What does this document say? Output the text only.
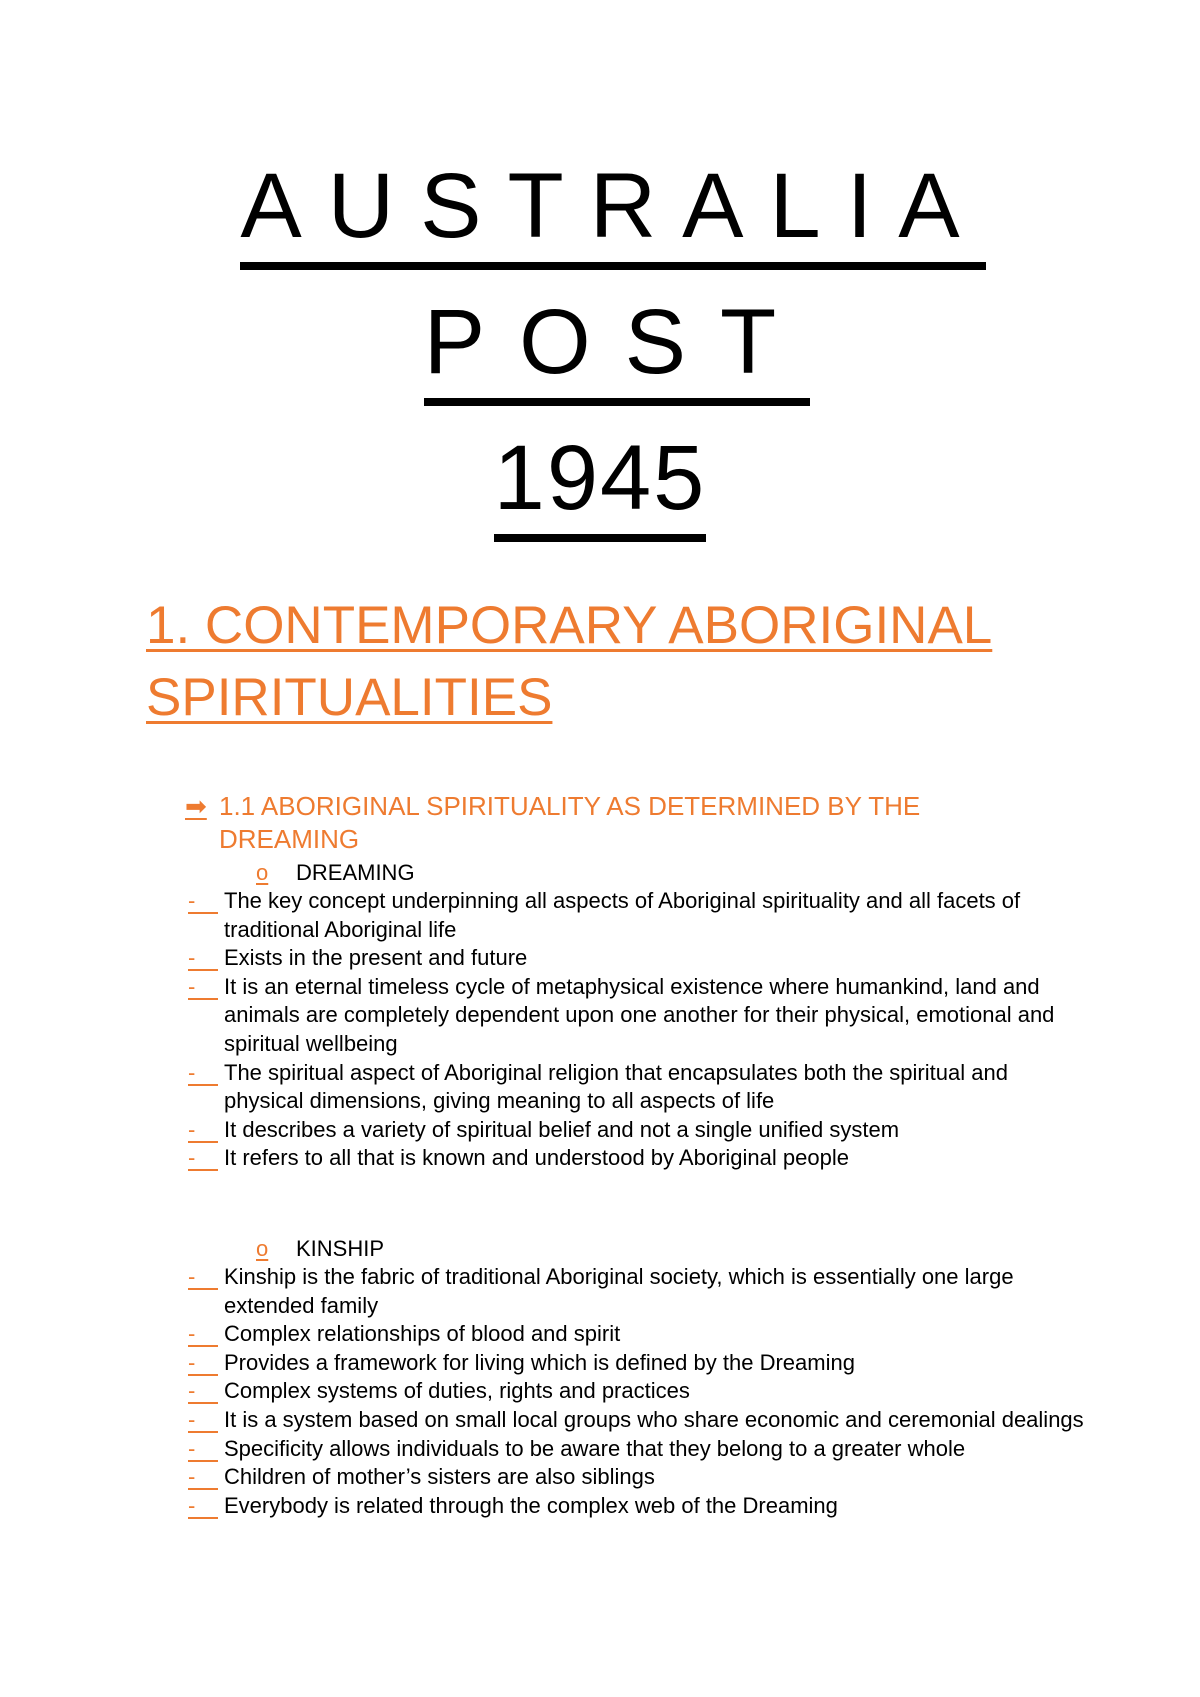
AUSTRALIA
POST
1945
1. CONTEMPORARY ABORIGINAL SPIRITUALITIES
➡ 1.1 ABORIGINAL SPIRITUALITY AS DETERMINED BY THE
DREAMING
o DREAMING
-	The key concept underpinning all aspects of Aboriginal spirituality and all facets of traditional Aboriginal life
-	Exists in the present and future
-	It is an eternal timeless cycle of metaphysical existence where humankind, land and animals are completely dependent upon one another for their physical, emotional and spiritual wellbeing
-	The spiritual aspect of Aboriginal religion that encapsulates both the spiritual and physical dimensions, giving meaning to all aspects of life
-	It describes a variety of spiritual belief and not a single unified system
-	It refers to all that is known and understood by Aboriginal people
o KINSHIP
-	Kinship is the fabric of traditional Aboriginal society, which is essentially one large extended family
-	Complex relationships of blood and spirit
-	Provides a framework for living which is defined by the Dreaming
-	Complex systems of duties, rights and practices
-	It is a system based on small local groups who share economic and ceremonial dealings
-	Specificity allows individuals to be aware that they belong to a greater whole
-	Children of mother’s sisters are also siblings
-	Everybody is related through the complex web of the Dreaming
